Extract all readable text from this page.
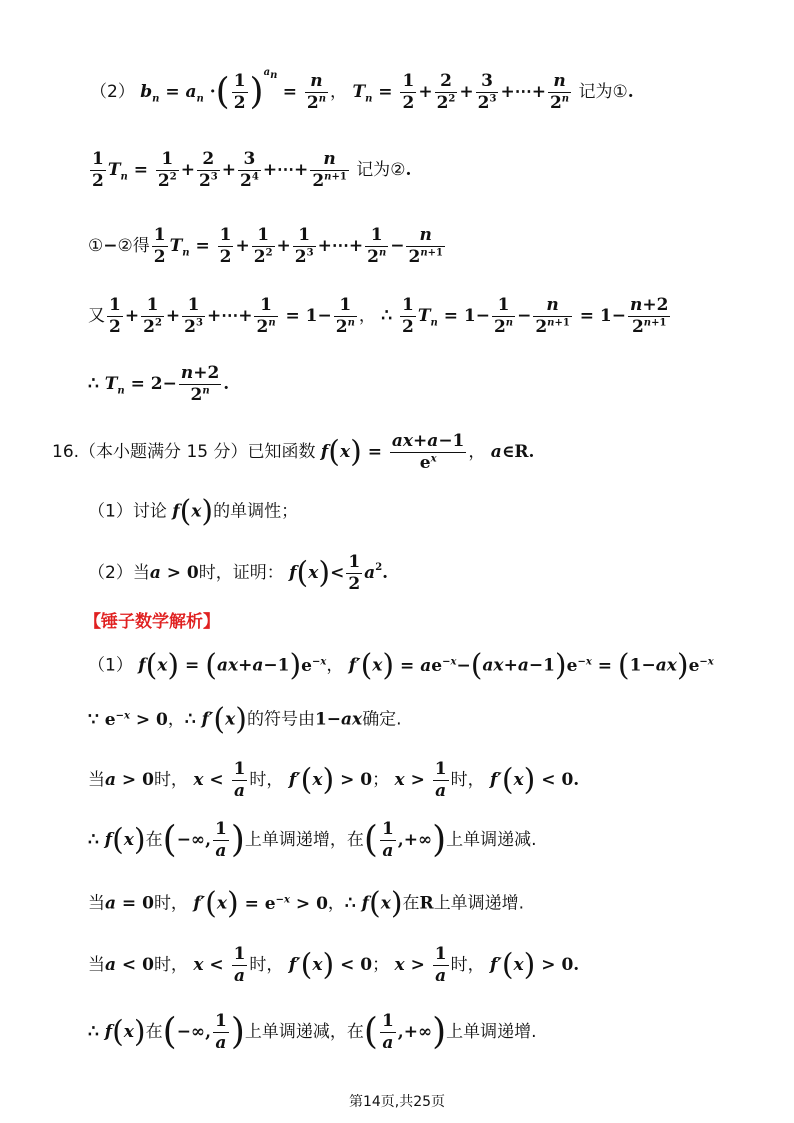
（2） $b_n = a_n$ ·( $\frac{1}{2} )^{a_n} = \frac{n}{2^n}$ ， $T_n = \frac{1}{2} + \frac{2}{2^2} + \frac{3}{2^3}$ +⋯+ $\frac{n}{2^n}$ 记为①.
$\frac{1}{2} T_n = \frac{1}{2^2} + \frac{2}{2^3} + \frac{3}{2^4}$ +⋯+ $\frac{n}{2^{n+1}}$ 记为②.
①−②得 $\frac{1}{2} T_n = \frac{1}{2} + \frac{1}{2^2} + \frac{1}{2^3}$ +⋯+ $\frac{1}{2^n} - \frac{n}{2^{n+1}}$
又 $\frac{1}{2} + \frac{1}{2^2} + \frac{1}{2^3}$ +⋯+ $\frac{1}{2^n} = 1- \frac{1}{2^n}$ ， ∴ $\frac{1}{2} T_n = 1- \frac{1}{2^n} - \frac{n}{2^{n+1}} = 1- \frac{n+2}{2^{n+1}}$
∴ $T_n = 2- \frac{n+2}{2^n}$ .
16.（本小题满分 15 分）已知函数 $f(x) = \frac{ax+a-1}{e^x}$ ， a∈R.
（1）讨论 f(x)的单调性；
（2）当a > 0时，证明： $f(x)< \frac{1}{2} a^2$.
【锤子数学解析】
（1） $f(x) = (ax+a-1)e^{-x}$， $f'(x) = ae^{-x}-(ax+a-1)e^{-x} = (1-ax)e^{-x}$
∵ $e^{-x} > 0$，∴ f′(x)的符号由1−ax确定.
当a > 0时， $x < \frac{1}{a}$ 时， f′(x) > 0； $x > \frac{1}{a}$ 时， f′(x) < 0.
∴ f(x)在(−∞, $\frac{1}{a}$ )上单调递增，在( $\frac{1}{a}$ ,+∞)上单调递减.
当a = 0时， $f'(x) = e^{-x} > 0$，∴ f(x)在R上单调递增.
当a < 0时， $x < \frac{1}{a}$ 时， f′(x) < 0； $x > \frac{1}{a}$ 时， f′(x) > 0.
∴ f(x)在(−∞, $\frac{1}{a}$ )上单调递减，在( $\frac{1}{a}$ ,+∞)上单调递增.
第14页,共25页
